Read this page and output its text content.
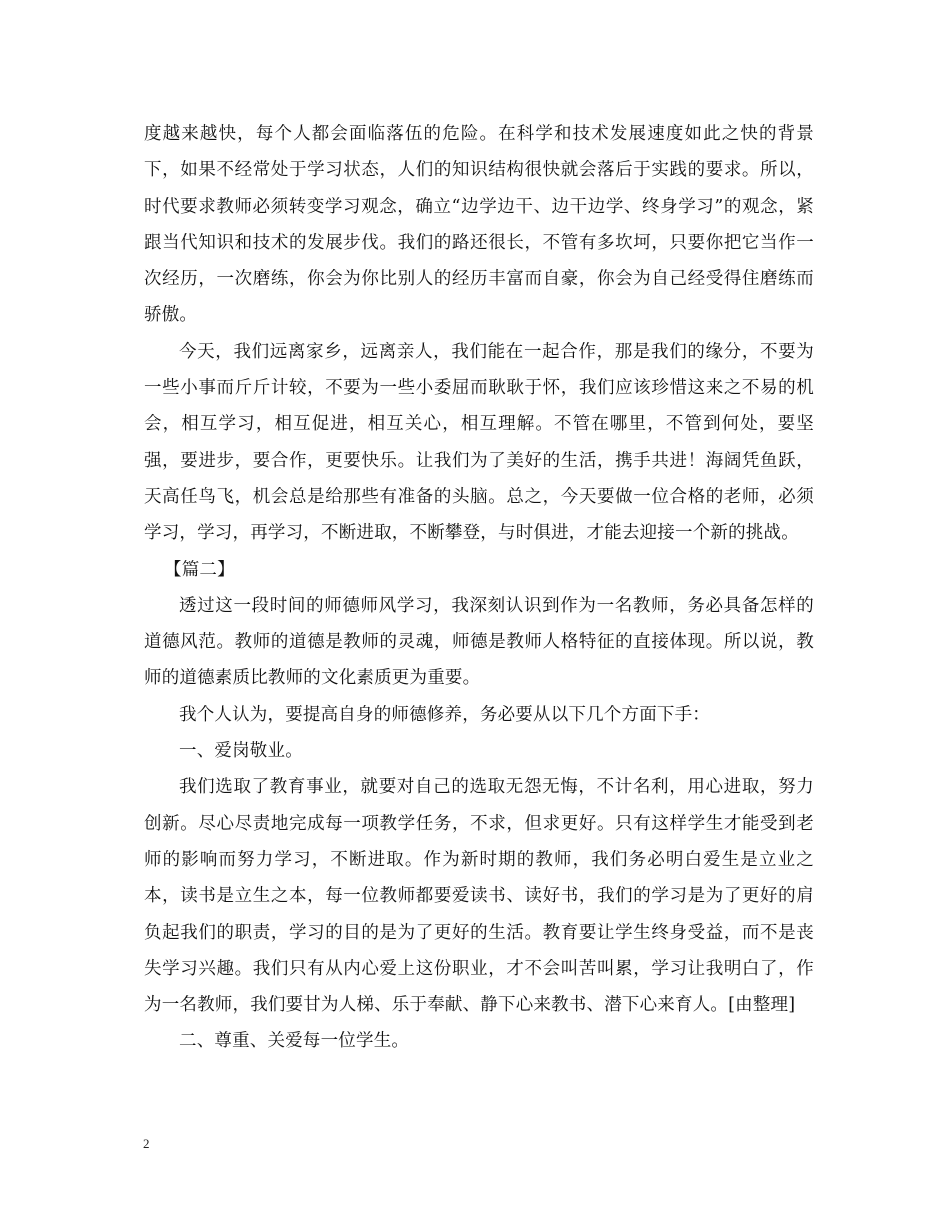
度越来越快，每个人都会面临落伍的危险。在科学和技术发展速度如此之快的背景下，如果不经常处于学习状态，人们的知识结构很快就会落后于实践的要求。所以，时代要求教师必须转变学习观念，确立“边学边干、边干边学、终身学习”的观念，紧跟当代知识和技术的发展步伐。我们的路还很长，不管有多坎坷，只要你把它当作一次经历，一次磨练，你会为你比别人的经历丰富而自豪，你会为自己经受得住磨练而骄傲。

今天，我们远离家乡，远离亲人，我们能在一起合作，那是我们的缘分，不要为一些小事而斤斤计较，不要为一些小委屈而耿耿于怀，我们应该珍惜这来之不易的机会，相互学习，相互促进，相互关心，相互理解。不管在哪里，不管到何处，要坚强，要进步，要合作，更要快乐。让我们为了美好的生活，携手共进！海阔凭鱼跃，天高任鸟飞，机会总是给那些有准备的头脑。总之，今天要做一位合格的老师，必须学习，学习，再学习，不断进取，不断攀登，与时俱进，才能去迎接一个新的挑战。

【篇二】

透过这一段时间的师德师风学习，我深刻认识到作为一名教师，务必具备怎样的道德风范。教师的道德是教师的灵魂，师德是教师人格特征的直接体现。所以说，教师的道德素质比教师的文化素质更为重要。

我个人认为，要提高自身的师德修养，务必要从以下几个方面下手：

一、爱岗敬业。

我们选取了教育事业，就要对自己的选取无怨无悔，不计名利，用心进取，努力创新。尽心尽责地完成每一项教学任务，不求，但求更好。只有这样学生才能受到老师的影响而努力学习，不断进取。作为新时期的教师，我们务必明白爱生是立业之本，读书是立生之本，每一位教师都要爱读书、读好书，我们的学习是为了更好的肩负起我们的职责，学习的目的是为了更好的生活。教育要让学生终身受益，而不是丧失学习兴趣。我们只有从内心爱上这份职业，才不会叫苦叫累，学习让我明白了，作为一名教师，我们要甘为人梯、乐于奉献、静下心来教书、潜下心来育人。[由整理]

二、尊重、关爱每一位学生。

2
